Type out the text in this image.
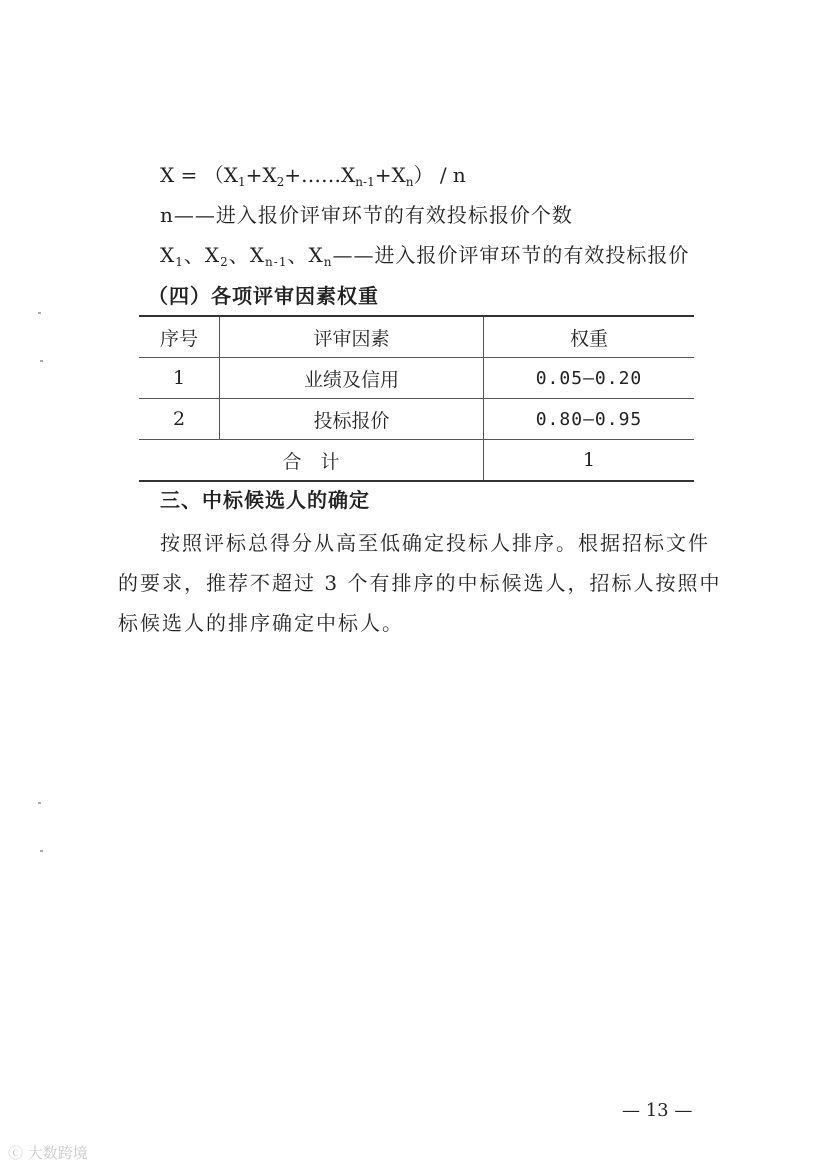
$X = (X_1+X_2+\dots\dots X_{n-1}+X_n) / n$
n——进入报价评审环节的有效投标报价个数
$X_1$、$X_2$、$X_{n-1}$、$X_n——$进入报价评审环节的有效投标报价
（四）各项评审因素权重
序号	评审因素	权重
1	业绩及信用	0.05—0.20
2	投标报价	0.80—0.95
合　计		1
三、中标候选人的确定

按照评标总得分从高至低确定投标人排序。根据招标文件的要求，推荐不超过 3 个有排序的中标候选人，招标人按照中标候选人的排序确定中标人。

— 13 —
ⓒ 大数跨境
